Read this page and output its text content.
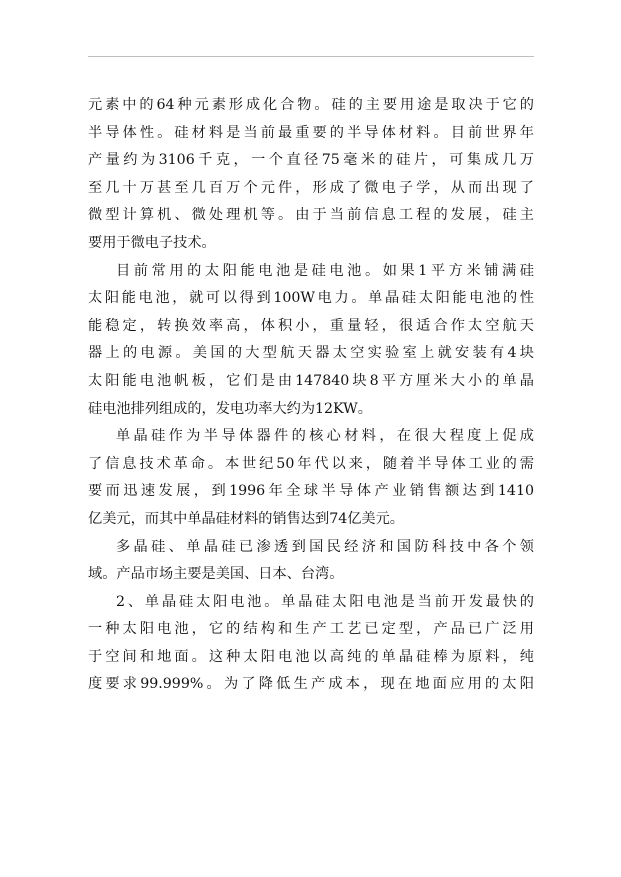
元素中的64种元素形成化合物。硅的主要用途是取决于它的
半导体性。硅材料是当前最重要的半导体材料。目前世界年
产量约为3106千克，一个直径75毫米的硅片，可集成几万
至几十万甚至几百万个元件，形成了微电子学，从而出现了
微型计算机、微处理机等。由于当前信息工程的发展，硅主
要用于微电子技术。
目前常用的太阳能电池是硅电池。如果1平方米铺满硅
太阳能电池，就可以得到100W电力。单晶硅太阳能电池的性
能稳定，转换效率高，体积小，重量轻，很适合作太空航天
器上的电源。美国的大型航天器太空实验室上就安装有4块
太阳能电池帆板，它们是由147840块8平方厘米大小的单晶
硅电池排列组成的，发电功率大约为12KW。
单晶硅作为半导体器件的核心材料，在很大程度上促成
了信息技术革命。本世纪50年代以来，随着半导体工业的需
要而迅速发展，到1996年全球半导体产业销售额达到1410
亿美元，而其中单晶硅材料的销售达到74亿美元。
多晶硅、单晶硅已渗透到国民经济和国防科技中各个领
域。产品市场主要是美国、日本、台湾。
2、单晶硅太阳电池。单晶硅太阳电池是当前开发最快的
一种太阳电池，它的结构和生产工艺已定型，产品已广泛用
于空间和地面。这种太阳电池以高纯的单晶硅棒为原料，纯
度要求99.999%。为了降低生产成本，现在地面应用的太阳
